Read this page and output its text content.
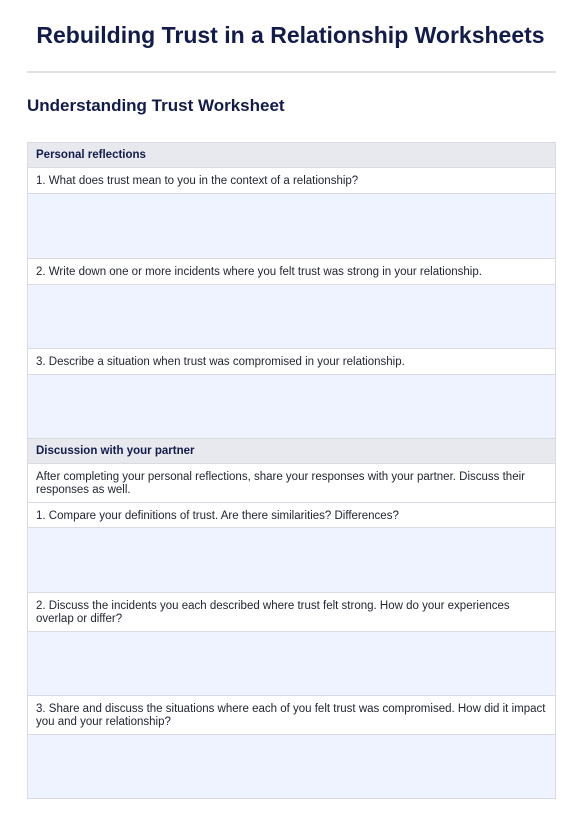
Rebuilding Trust in a Relationship Worksheets
Understanding Trust Worksheet
Personal reflections
1. What does trust mean to you in the context of a relationship?
2. Write down one or more incidents where you felt trust was strong in your relationship.
3. Describe a situation when trust was compromised in your relationship.
Discussion with your partner
After completing your personal reflections, share your responses with your partner. Discuss their responses as well.
1. Compare your definitions of trust. Are there similarities? Differences?
2. Discuss the incidents you each described where trust felt strong. How do your experiences overlap or differ?
3. Share and discuss the situations where each of you felt trust was compromised. How did it impact you and your relationship?
